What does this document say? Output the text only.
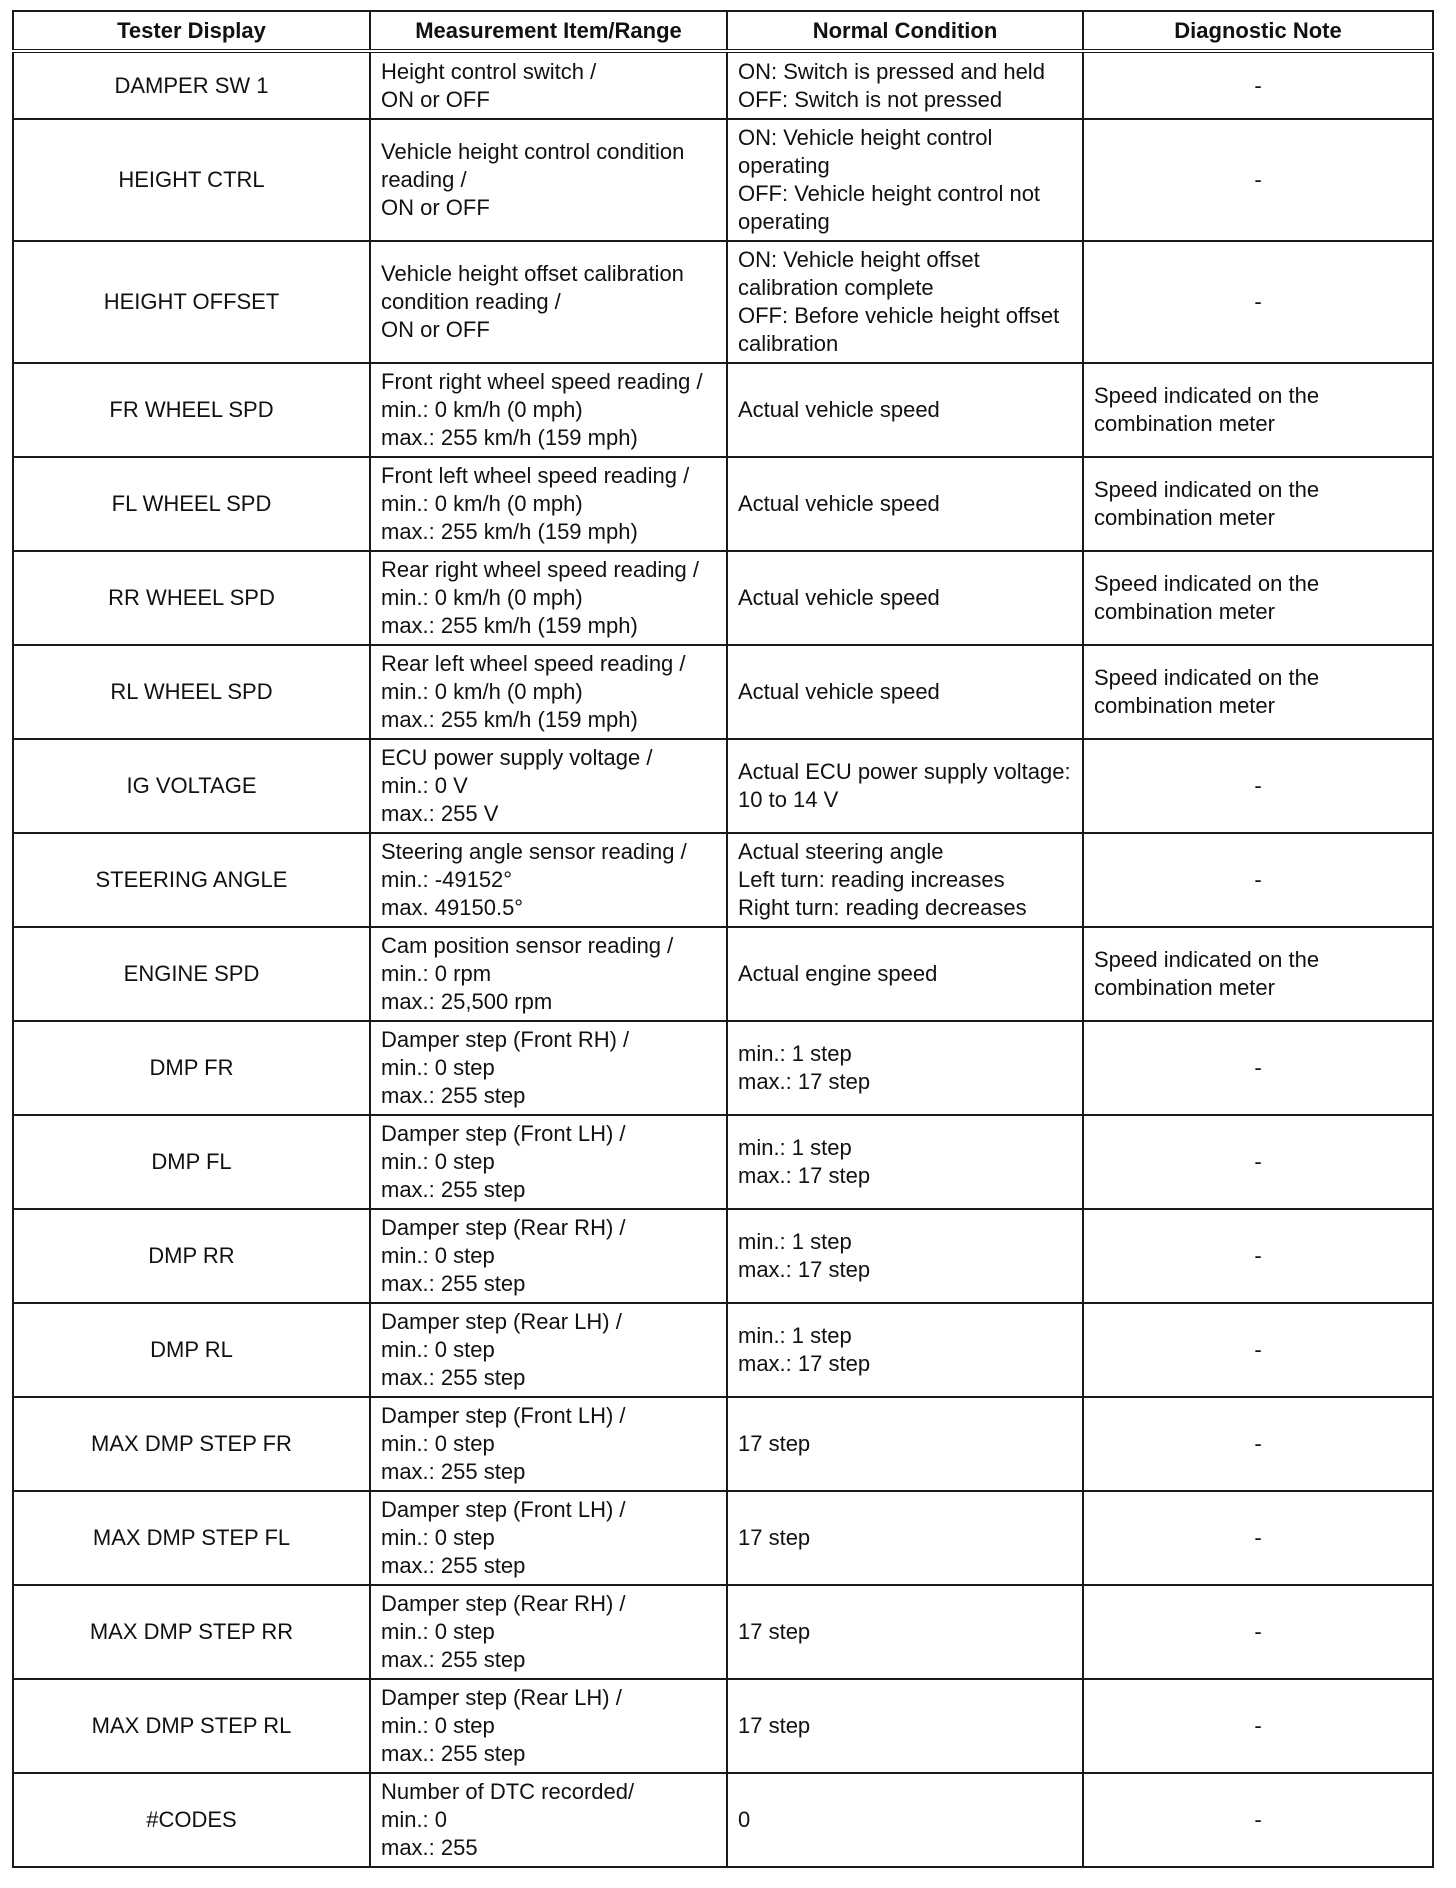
Tester Display	Measurement Item/Range	Normal Condition	Diagnostic Note
DAMPER SW 1	Height control switch /
ON or OFF	ON: Switch is pressed and held
OFF: Switch is not pressed	-
HEIGHT CTRL	Vehicle height control condition
reading /
ON or OFF	ON: Vehicle height control
operating
OFF: Vehicle height control not
operating	-
HEIGHT OFFSET	Vehicle height offset calibration
condition reading /
ON or OFF	ON: Vehicle height offset
calibration complete
OFF: Before vehicle height offset
calibration	-
FR WHEEL SPD	Front right wheel speed reading /
min.: 0 km/h (0 mph)
max.: 255 km/h (159 mph)	Actual vehicle speed	Speed indicated on the
combination meter
FL WHEEL SPD	Front left wheel speed reading /
min.: 0 km/h (0 mph)
max.: 255 km/h (159 mph)	Actual vehicle speed	Speed indicated on the
combination meter
RR WHEEL SPD	Rear right wheel speed reading /
min.: 0 km/h (0 mph)
max.: 255 km/h (159 mph)	Actual vehicle speed	Speed indicated on the
combination meter
RL WHEEL SPD	Rear left wheel speed reading /
min.: 0 km/h (0 mph)
max.: 255 km/h (159 mph)	Actual vehicle speed	Speed indicated on the
combination meter
IG VOLTAGE	ECU power supply voltage /
min.: 0 V
max.: 255 V	Actual ECU power supply voltage:
10 to 14 V	-
STEERING ANGLE	Steering angle sensor reading /
min.: -49152°
max. 49150.5°	Actual steering angle
Left turn: reading increases
Right turn: reading decreases	-
ENGINE SPD	Cam position sensor reading /
min.: 0 rpm
max.: 25,500 rpm	Actual engine speed	Speed indicated on the
combination meter
DMP FR	Damper step (Front RH) /
min.: 0 step
max.: 255 step	min.: 1 step
max.: 17 step	-
DMP FL	Damper step (Front LH) /
min.: 0 step
max.: 255 step	min.: 1 step
max.: 17 step	-
DMP RR	Damper step (Rear RH) /
min.: 0 step
max.: 255 step	min.: 1 step
max.: 17 step	-
DMP RL	Damper step (Rear LH) /
min.: 0 step
max.: 255 step	min.: 1 step
max.: 17 step	-
MAX DMP STEP FR	Damper step (Front LH) /
min.: 0 step
max.: 255 step	17 step	-
MAX DMP STEP FL	Damper step (Front LH) /
min.: 0 step
max.: 255 step	17 step	-
MAX DMP STEP RR	Damper step (Rear RH) /
min.: 0 step
max.: 255 step	17 step	-
MAX DMP STEP RL	Damper step (Rear LH) /
min.: 0 step
max.: 255 step	17 step	-
#CODES	Number of DTC recorded/
min.: 0
max.: 255	0	-
